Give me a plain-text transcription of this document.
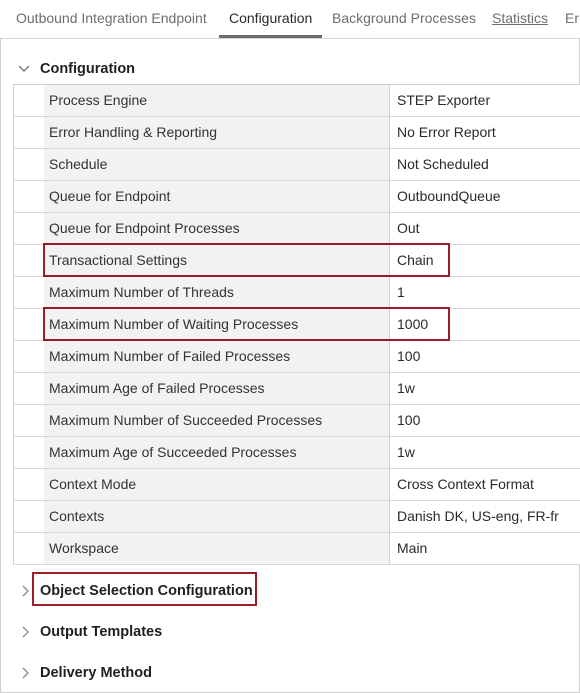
Outbound Integration Endpoint Configuration Background Processes Statistics Er
Configuration
Process Engine	STEP Exporter
Error Handling & Reporting	No Error Report
Schedule	Not Scheduled
Queue for Endpoint	OutboundQueue
Queue for Endpoint Processes	Out
Transactional Settings	Chain
Maximum Number of Threads	1
Maximum Number of Waiting Processes	1000
Maximum Number of Failed Processes	100
Maximum Age of Failed Processes	1w
Maximum Number of Succeeded Processes	100
Maximum Age of Succeeded Processes	1w
Context Mode	Cross Context Format
Contexts	Danish DK, US-eng, FR-fr
Workspace	Main
Object Selection Configuration
Output Templates
Delivery Method
